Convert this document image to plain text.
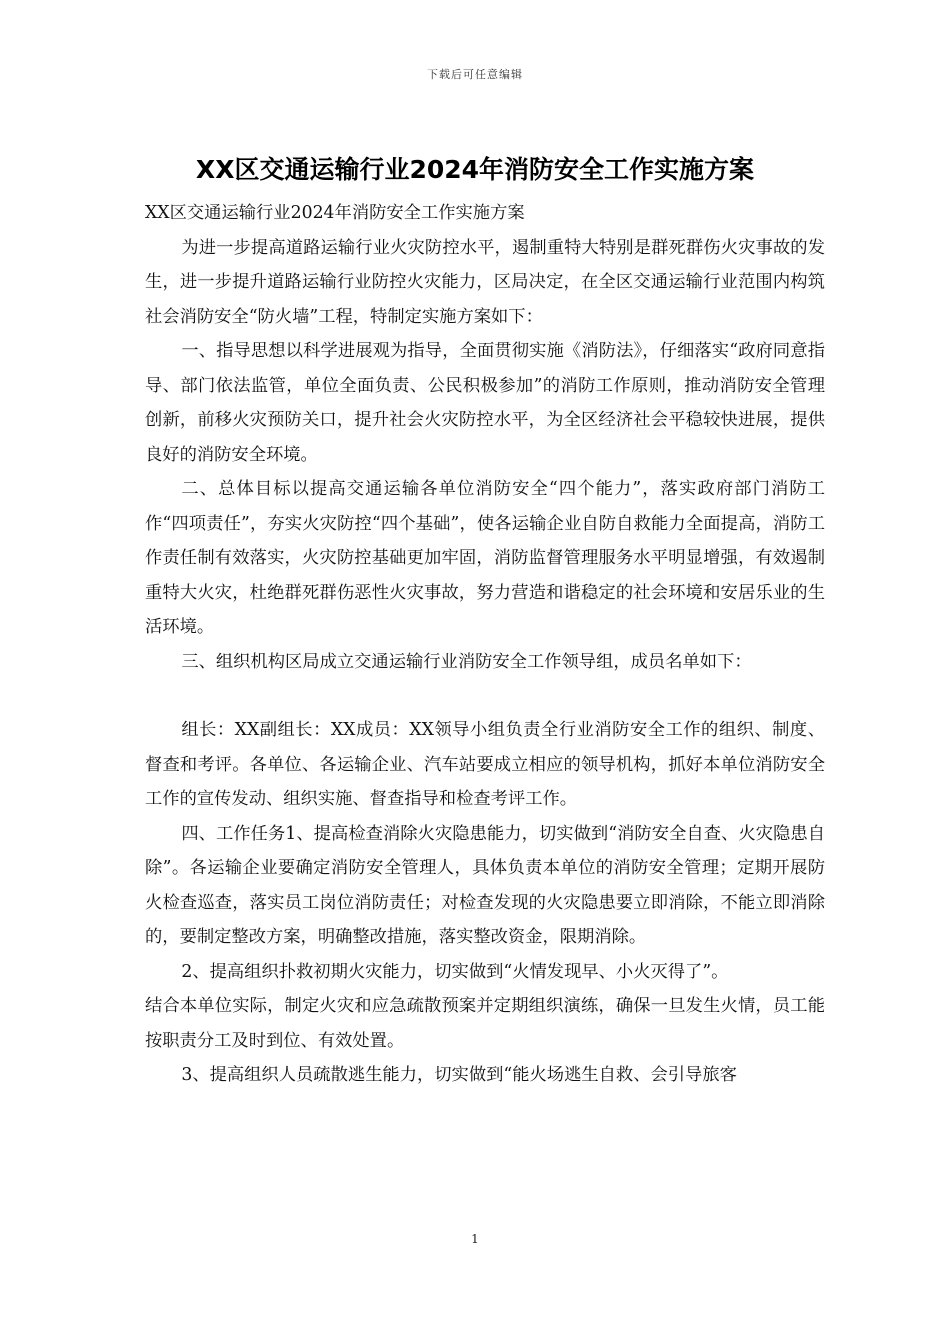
下载后可任意编辑
XX区交通运输行业2024年消防安全工作实施方案

XX区交通运输行业2024年消防安全工作实施方案

为进一步提高道路运输行业火灾防控水平，遏制重特大特别是群死群伤火灾事故的发生，进一步提升道路运输行业防控火灾能力，区局决定，在全区交通运输行业范围内构筑社会消防安全“防火墙”工程，特制定实施方案如下：

一、指导思想以科学进展观为指导，全面贯彻实施《消防法》，仔细落实“政府同意指导、部门依法监管，单位全面负责、公民积极参加”的消防工作原则，推动消防安全管理创新，前移火灾预防关口，提升社会火灾防控水平，为全区经济社会平稳较快进展，提供良好的消防安全环境。

二、总体目标以提高交通运输各单位消防安全“四个能力”，落实政府部门消防工作“四项责任”，夯实火灾防控“四个基础”，使各运输企业自防自救能力全面提高，消防工作责任制有效落实，火灾防控基础更加牢固，消防监督管理服务水平明显增强，有效遏制重特大火灾，杜绝群死群伤恶性火灾事故，努力营造和谐稳定的社会环境和安居乐业的生活环境。

三、组织机构区局成立交通运输行业消防安全工作领导组，成员名单如下：

组长：XX副组长：XX成员：XX领导小组负责全行业消防安全工作的组织、制度、督查和考评。各单位、各运输企业、汽车站要成立相应的领导机构，抓好本单位消防安全工作的宣传发动、组织实施、督查指导和检查考评工作。

四、工作任务1、提高检查消除火灾隐患能力，切实做到“消防安全自查、火灾隐患自除”。各运输企业要确定消防安全管理人，具体负责本单位的消防安全管理；定期开展防火检查巡查，落实员工岗位消防责任；对检查发现的火灾隐患要立即消除，不能立即消除的，要制定整改方案，明确整改措施，落实整改资金，限期消除。

2、提高组织扑救初期火灾能力，切实做到“火情发现早、小火灭得了”。

结合本单位实际，制定火灾和应急疏散预案并定期组织演练，确保一旦发生火情，员工能按职责分工及时到位、有效处置。

3、提高组织人员疏散逃生能力，切实做到“能火场逃生自救、会引导旅客

1
